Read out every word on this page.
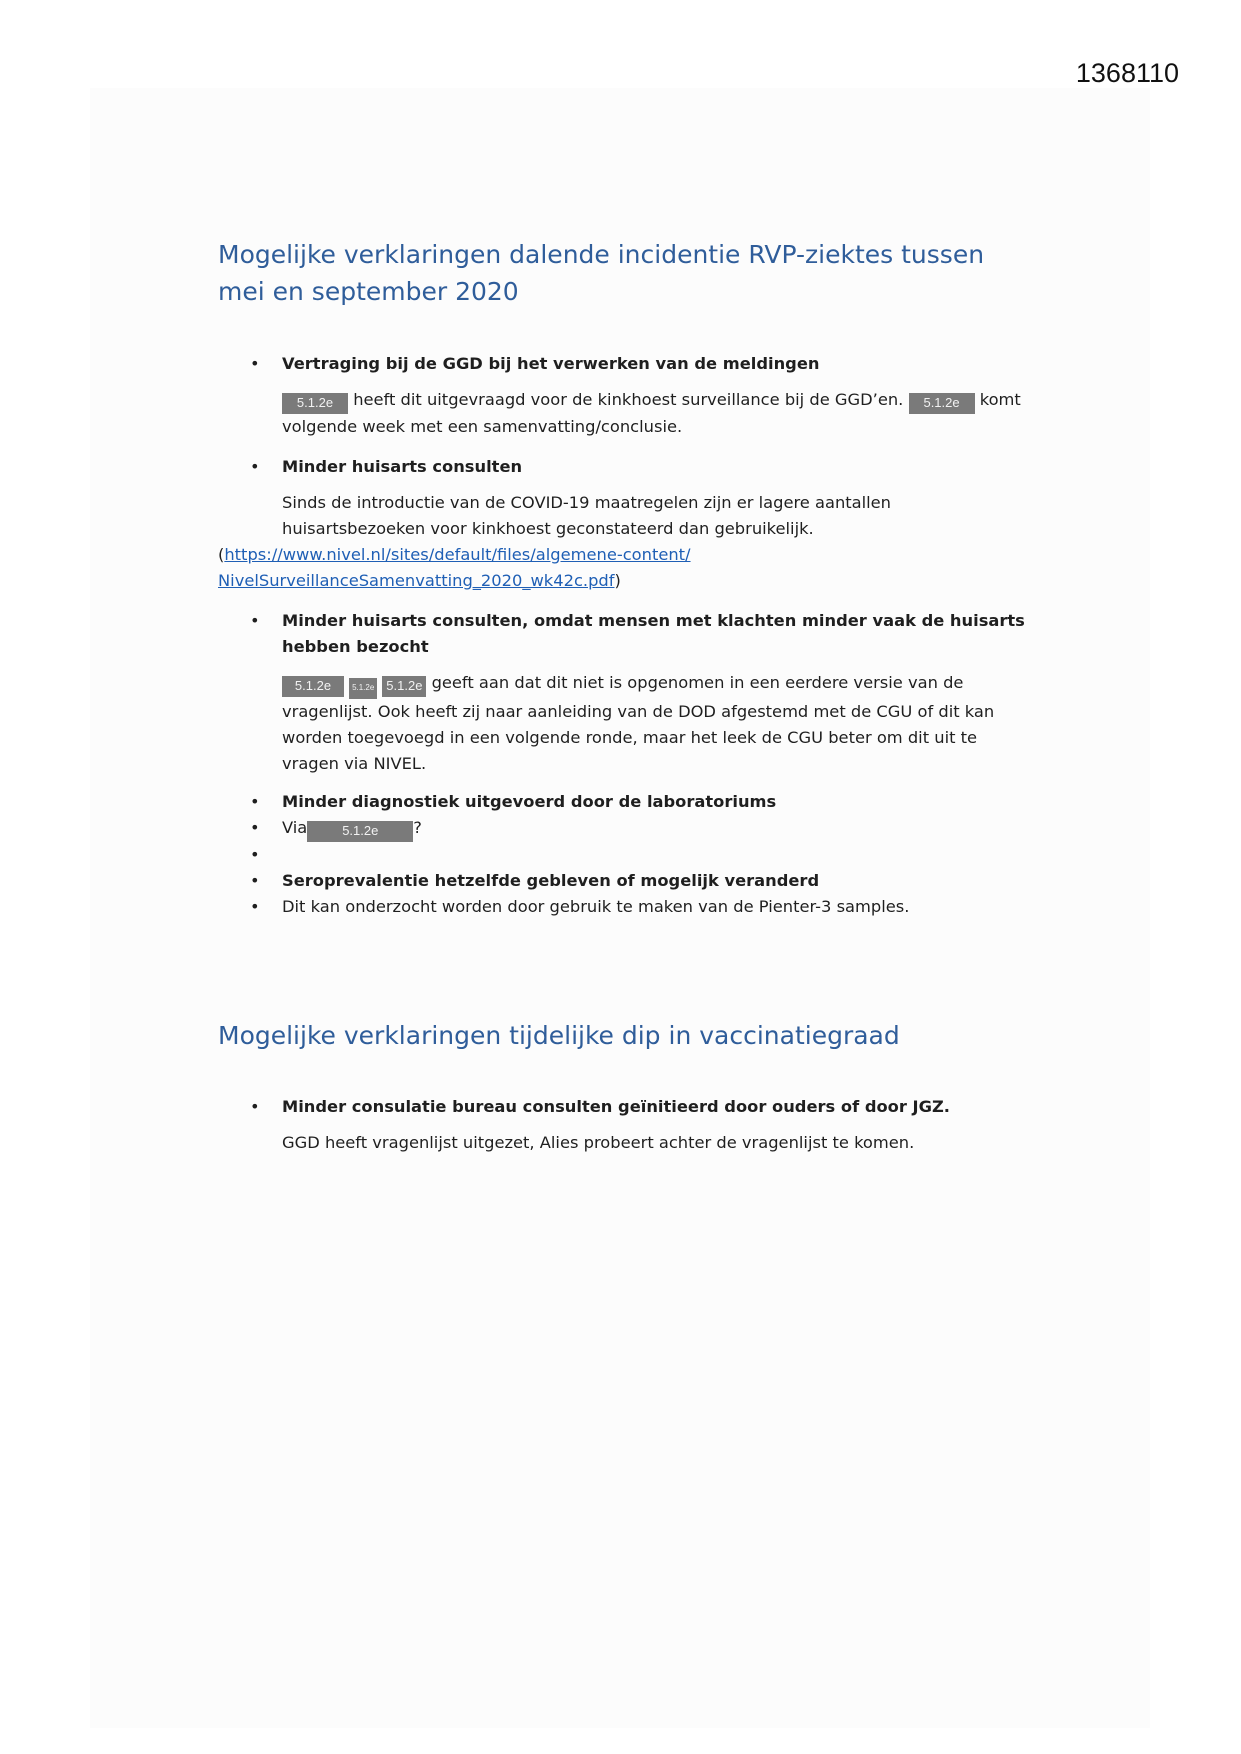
1368110
Mogelijke verklaringen dalende incidentie RVP-ziektes tussen mei en september 2020
• Vertraging bij de GGD bij het verwerken van de meldingen

5.1.2e heeft dit uitgevraagd voor de kinkhoest surveillance bij de GGD’en. 5.1.2e komt volgende week met een samenvatting/conclusie.

• Minder huisarts consulten

Sinds de introductie van de COVID-19 maatregelen zijn er lagere aantallen huisartsbezoeken voor kinkhoest geconstateerd dan gebruikelijk.

(https://www.nivel.nl/sites/default/files/algemene-content/NivelSurveillanceSamenvatting_2020_wk42c.pdf)

• Minder huisarts consulten, omdat mensen met klachten minder vaak de huisarts hebben bezocht

5.1.2e	5.1.2e 5.1.2e geeft aan dat dit niet is opgenomen in een eerdere versie van de vragenlijst. Ook heeft zij naar aanleiding van de DOD afgestemd met de CGU of dit kan worden toegevoegd in een volgende ronde, maar het leek de CGU beter om dit uit te vragen via NIVEL.

• Minder diagnostiek uitgevoerd door de laboratoriums
• Via	5.1.2e ?
•
• Seroprevalentie hetzelfde gebleven of mogelijk veranderd
• Dit kan onderzocht worden door gebruik te maken van de Pienter-3 samples.
Mogelijke verklaringen tijdelijke dip in vaccinatiegraad
• Minder consulatie bureau consulten geïnitieerd door ouders of door JGZ.

GGD heeft vragenlijst uitgezet, Alies probeert achter de vragenlijst te komen.
